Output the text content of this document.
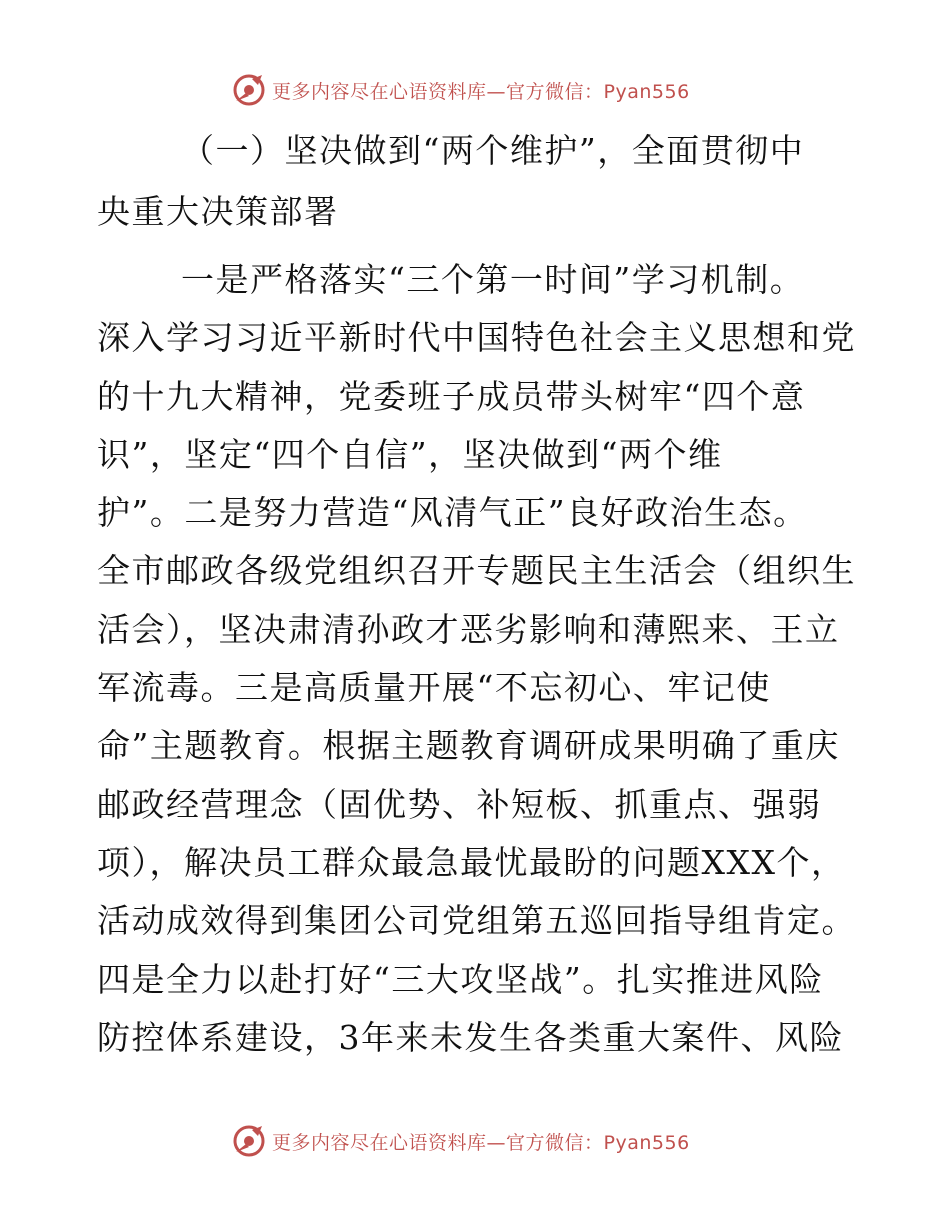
更多内容尽在心语资料库—官方微信：Pyan556
（一）坚决做到“两个维护”，全面贯彻中
央重大决策部署
一是严格落实“三个第一时间”学习机制。
深入学习习近平新时代中国特色社会主义思想和党
的十九大精神，党委班子成员带头树牢“四个意
识”，坚定“四个自信”，坚决做到“两个维
护”。二是努力营造“风清气正”良好政治生态。
全市邮政各级党组织召开专题民主生活会（组织生
活会），坚决肃清孙政才恶劣影响和薄熙来、王立
军流毒。三是高质量开展“不忘初心、牢记使
命”主题教育。根据主题教育调研成果明确了重庆
邮政经营理念（固优势、补短板、抓重点、强弱
项），解决员工群众最急最忧最盼的问题XXX个，
活动成效得到集团公司党组第五巡回指导组肯定。
四是全力以赴打好“三大攻坚战”。扎实推进风险
防控体系建设，3年来未发生各类重大案件、风险
更多内容尽在心语资料库—官方微信：Pyan556
